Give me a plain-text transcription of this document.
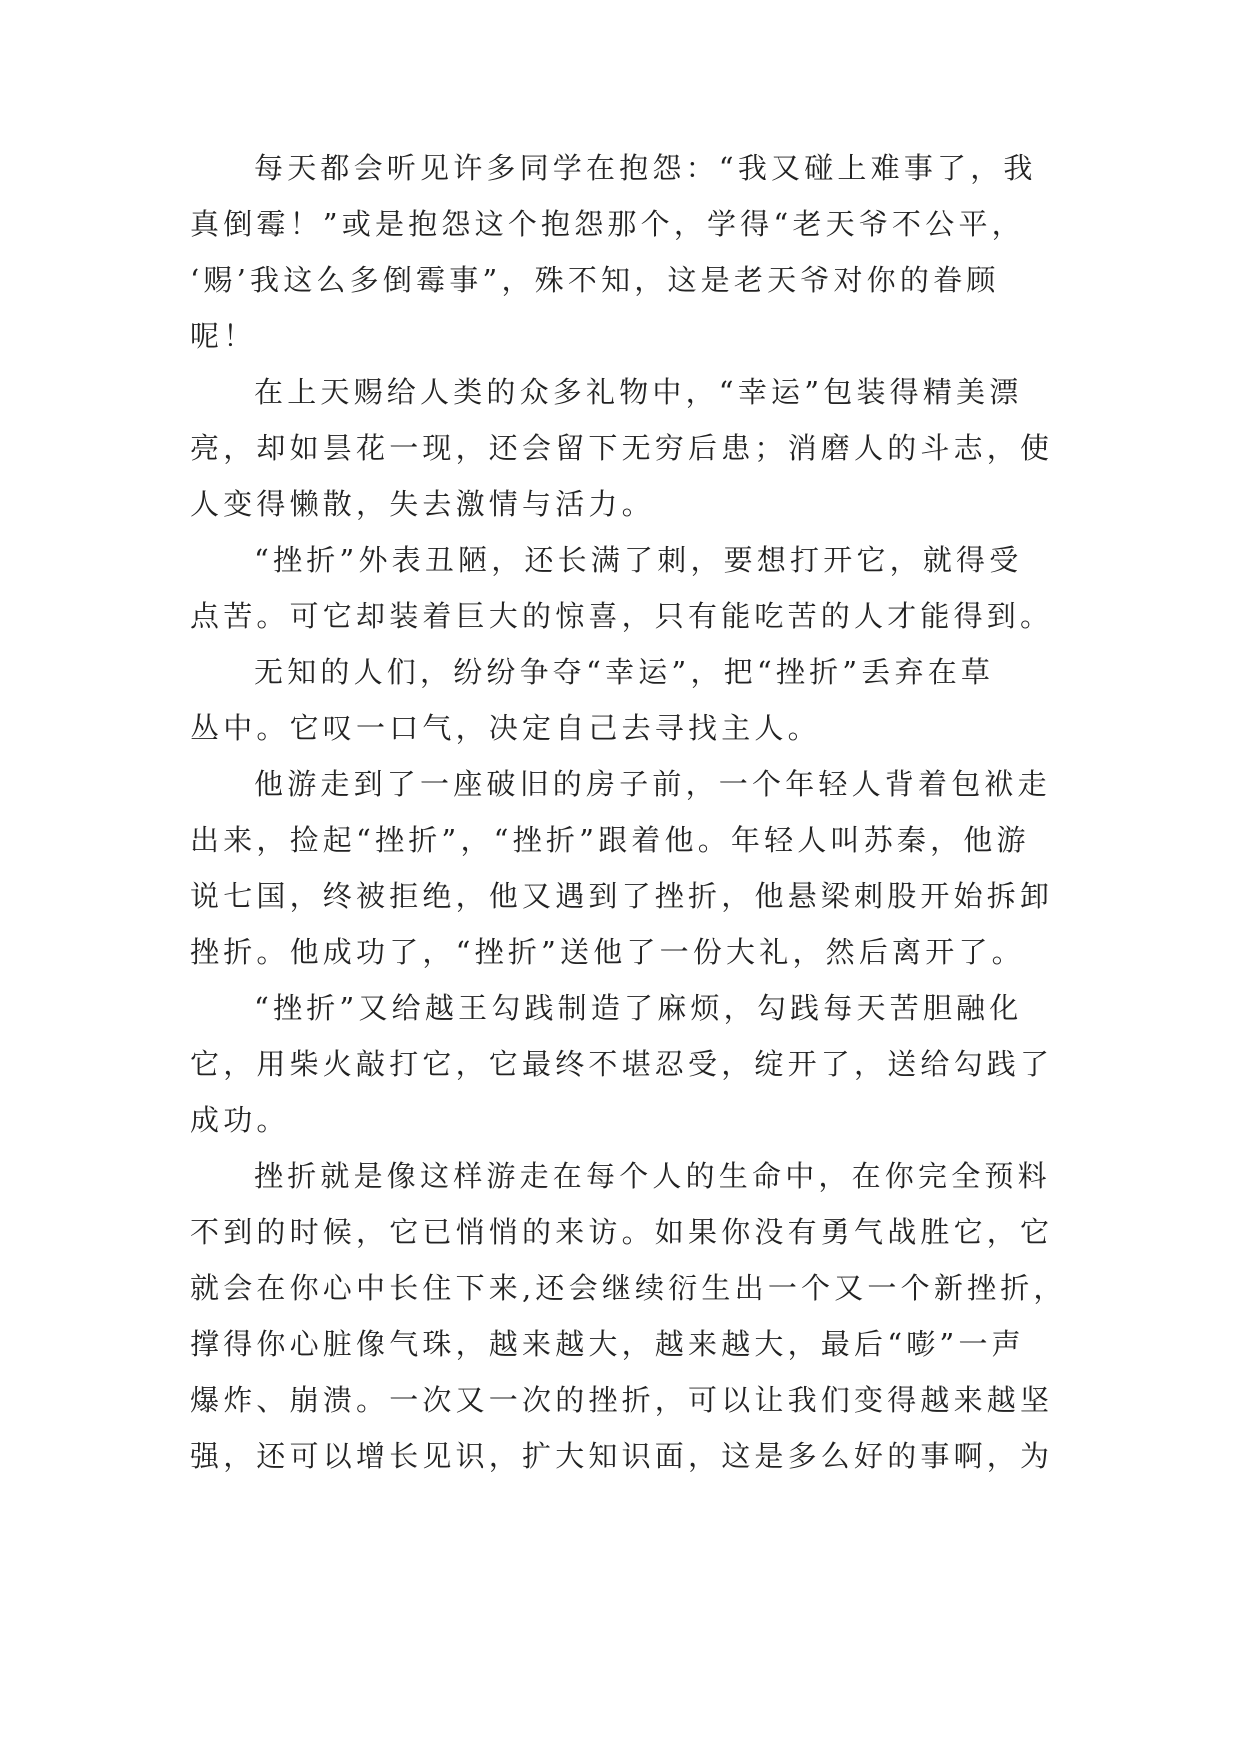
每天都会听见许多同学在抱怨：“我又碰上难事了，我
真倒霉！”或是抱怨这个抱怨那个，学得“老天爷不公平，
‘赐’我这么多倒霉事”，殊不知，这是老天爷对你的眷顾
呢！
在上天赐给人类的众多礼物中，“幸运”包装得精美漂
亮，却如昙花一现，还会留下无穷后患；消磨人的斗志，使
人变得懒散，失去激情与活力。
“挫折”外表丑陋，还长满了刺，要想打开它，就得受
点苦。可它却装着巨大的惊喜，只有能吃苦的人才能得到。
无知的人们，纷纷争夺“幸运”，把“挫折”丢弃在草
丛中。它叹一口气，决定自己去寻找主人。
他游走到了一座破旧的房子前，一个年轻人背着包袱走
出来，捡起“挫折”，“挫折”跟着他。年轻人叫苏秦，他游
说七国，终被拒绝，他又遇到了挫折，他悬梁刺股开始拆卸
挫折。他成功了，“挫折”送他了一份大礼，然后离开了。
“挫折”又给越王勾践制造了麻烦，勾践每天苦胆融化
它，用柴火敲打它，它最终不堪忍受，绽开了，送给勾践了
成功。
挫折就是像这样游走在每个人的生命中，在你完全预料
不到的时候，它已悄悄的来访。如果你没有勇气战胜它，它
就会在你心中长住下来,还会继续衍生出一个又一个新挫折，
撑得你心脏像气珠，越来越大，越来越大，最后“嘭”一声
爆炸、崩溃。一次又一次的挫折，可以让我们变得越来越坚
强，还可以增长见识，扩大知识面，这是多么好的事啊，为
